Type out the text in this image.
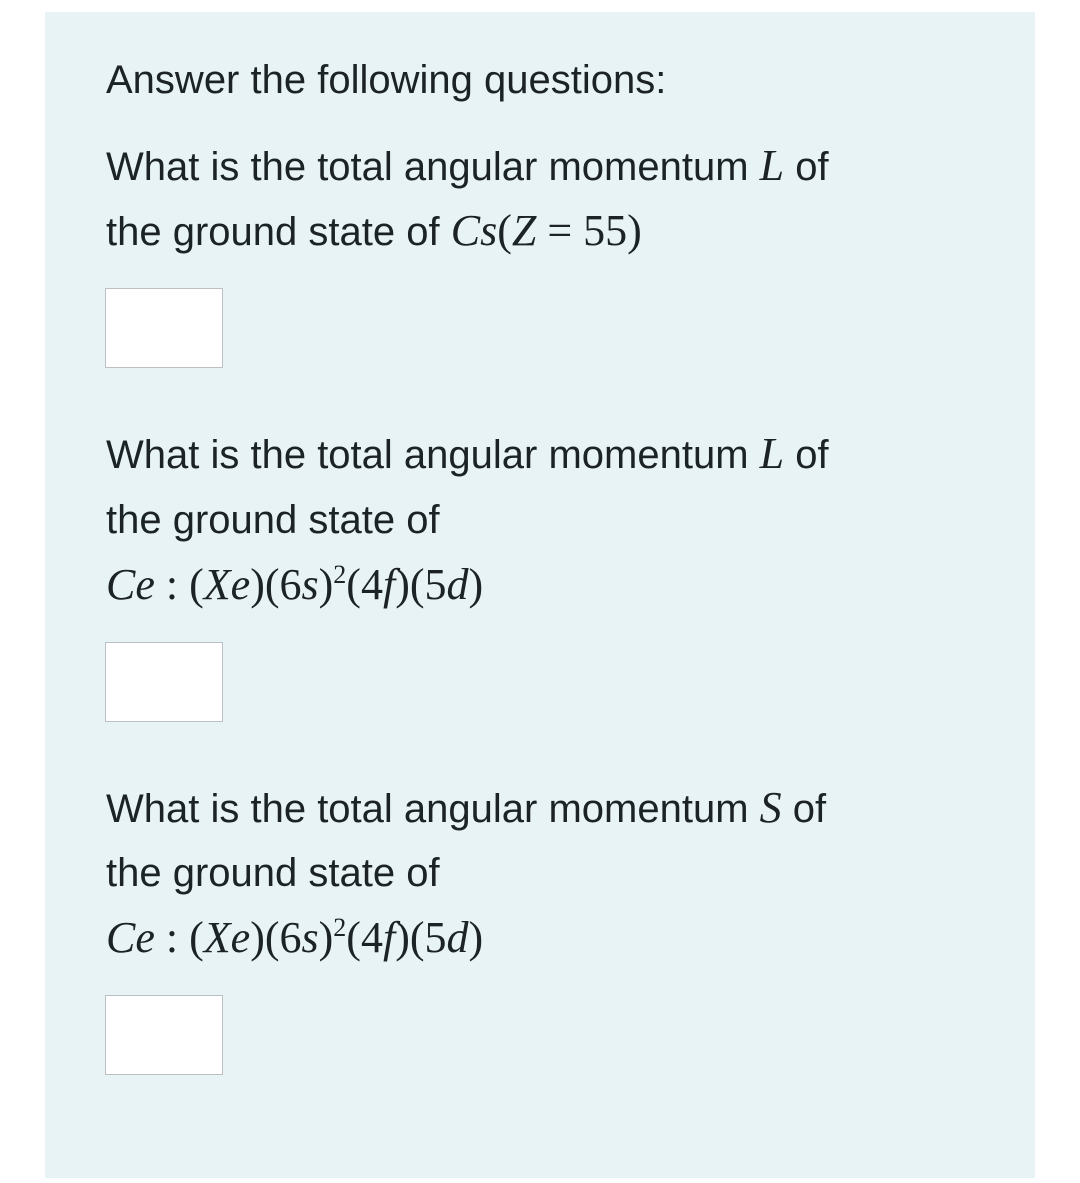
Answer the following questions:
What is the total angular momentum L of
the ground state of Cs(Z = 55)
What is the total angular momentum L of
the ground state of
Ce : $(Xe)(6s)^2(4f)(5d)$
What is the total angular momentum S of
the ground state of
Ce : $(Xe)(6s)^2(4f)(5d)$
